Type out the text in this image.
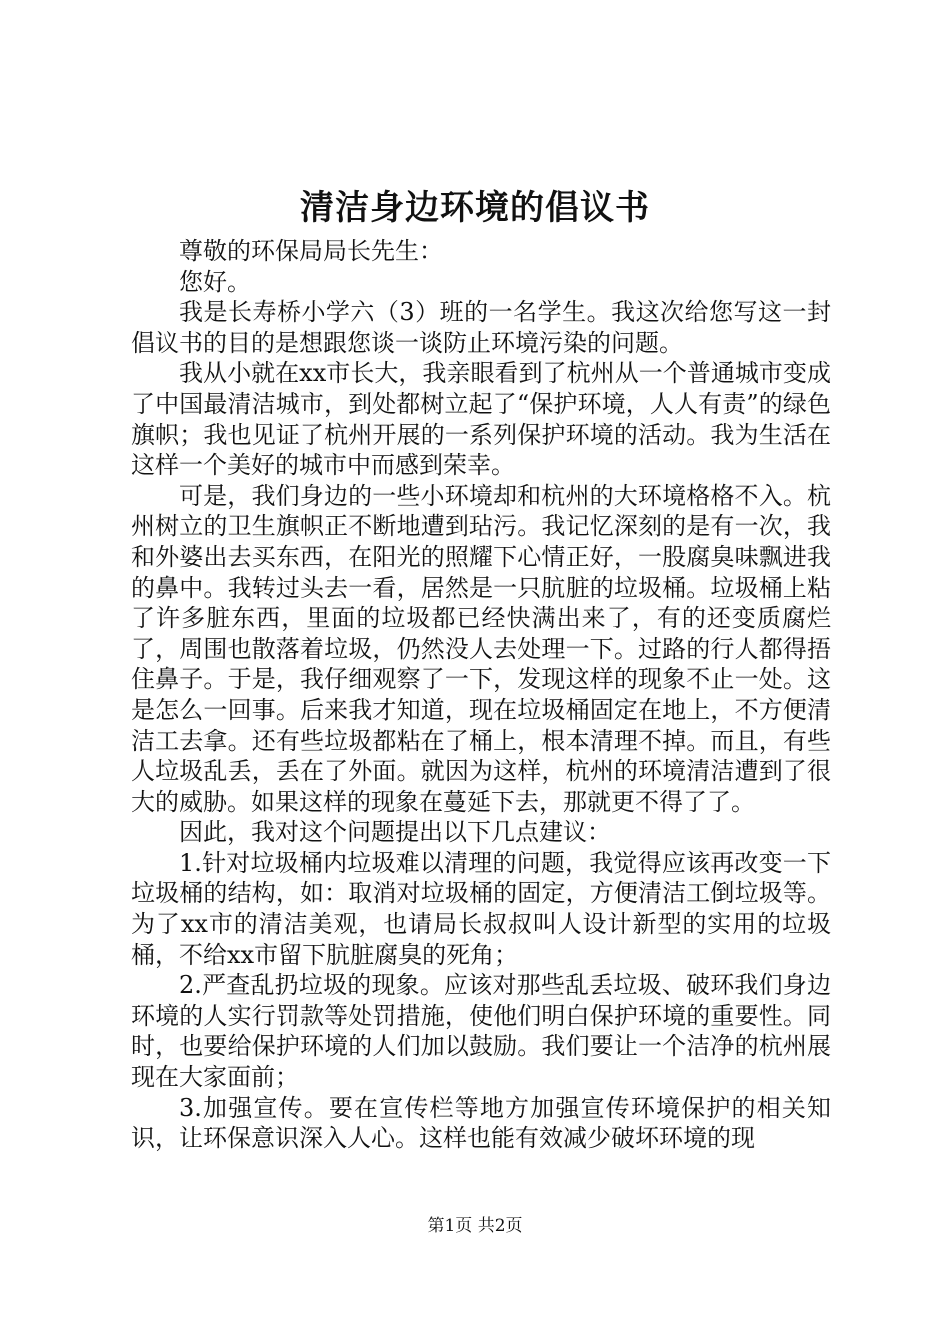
清洁身边环境的倡议书

尊敬的环保局局长先生：

您好。

我是长寿桥小学六（3）班的一名学生。我这次给您写这一封倡议书的目的是想跟您谈一谈防止环境污染的问题。

我从小就在xx市长大，我亲眼看到了杭州从一个普通城市变成了中国最清洁城市，到处都树立起了“保护环境，人人有责”的绿色旗帜；我也见证了杭州开展的一系列保护环境的活动。我为生活在这样一个美好的城市中而感到荣幸。

可是，我们身边的一些小环境却和杭州的大环境格格不入。杭州树立的卫生旗帜正不断地遭到玷污。我记忆深刻的是有一次，我和外婆出去买东西，在阳光的照耀下心情正好，一股腐臭味飘进我的鼻中。我转过头去一看，居然是一只肮脏的垃圾桶。垃圾桶上粘了许多脏东西，里面的垃圾都已经快满出来了，有的还变质腐烂了，周围也散落着垃圾，仍然没人去处理一下。过路的行人都得捂住鼻子。于是，我仔细观察了一下，发现这样的现象不止一处。这是怎么一回事。后来我才知道，现在垃圾桶固定在地上，不方便清洁工去拿。还有些垃圾都粘在了桶上，根本清理不掉。而且，有些人垃圾乱丢，丢在了外面。就因为这样，杭州的环境清洁遭到了很大的威胁。如果这样的现象在蔓延下去，那就更不得了了。

因此，我对这个问题提出以下几点建议：

1.针对垃圾桶内垃圾难以清理的问题，我觉得应该再改变一下垃圾桶的结构，如：取消对垃圾桶的固定，方便清洁工倒垃圾等。为了xx市的清洁美观，也请局长叔叔叫人设计新型的实用的垃圾桶，不给xx市留下肮脏腐臭的死角；

2.严查乱扔垃圾的现象。应该对那些乱丢垃圾、破环我们身边环境的人实行罚款等处罚措施，使他们明白保护环境的重要性。同时，也要给保护环境的人们加以鼓励。我们要让一个洁净的杭州展现在大家面前；

3.加强宣传。要在宣传栏等地方加强宣传环境保护的相关知识，让环保意识深入人心。这样也能有效减少破坏环境的现

第1页 共2页
